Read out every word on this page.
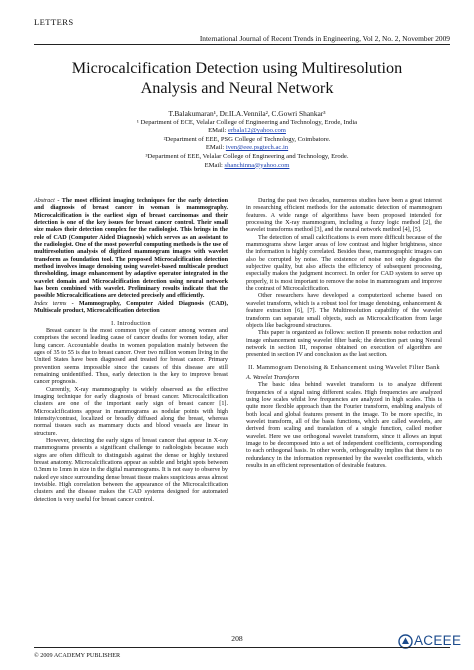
LETTERS
International Journal of Recent Trends in Engineering, Vol 2, No. 2, November 2009
Microcalcification Detection using Multiresolution
Analysis and Neural Network
T.Balakumaran¹, Dr.ILA.Vennila², C.Gowri Shankar³
¹ Department of ECE, Velalar College of Engineering and Technology, Erode, India
EMail: erbala12@yahoo.com
²Department of EEE, PSG College of Technology, Coimbatore.
EMail: iven@eee.psgtech.ac.in
³Department of EEE, Velalar College of Engineering and Technology, Erode.
EMail: shanchinna@yahoo.com

Abstract - The most efficient imaging techniques for the early detection and diagnosis of breast cancer in woman is mammography. Microcalcification is the earliest sign of breast carcinomas and their detection is one of the key issues for breast cancer control. Their small size makes their detection complex for the radiologist. This brings in the role of CAD (Computer Aided Diagnosis) which serves as an assistant to the radiologist. One of the most powerful computing methods is the use of multiresolution analysis of digitized mammogram images with wavelet transform as foundation tool. The proposed Microcalcification detection method involves image denoising using wavelet-based multiscale product thresholding, image enhancement by adaptive operator integrated in the wavelet domain and Microcalcification detection using neural network has been combined with wavelet. Preliminary results indicate that the possible Microcalcifications are detected precisely and efficiently.

Index terms - Mammography, Computer Aided Diagnosis (CAD), Multiscale product, Microcalcification detection

I. Introduction

Breast cancer is the most common type of cancer among women and comprises the second leading cause of cancer deaths for women today, after lung cancer. Accountable deaths in women population mainly between the ages of 35 to 55 is due to breast cancer. Over two million women living in the United States have been diagnosed and treated for breast cancer. Primary prevention seems impossible since the causes of this disease are still remaining unidentified. Thus, early detection is the key to improve breast cancer prognosis.

Currently, X-ray mammography is widely observed as the effective imaging technique for early diagnosis of breast cancer. Microcalcification clusters are one of the important early sign of breast cancer [1]. Microcalcifications appear in mammograms as nodular points with high intensity/contrast, localized or broadly diffused along the breast, whereas normal tissues such as mammary ducts and blood vessels are linear in structure.

However, detecting the early signs of breast cancer that appear in X-ray mammograms presents a significant challenge to radiologists because such signs are often difficult to distinguish against the dense or highly textured breast anatomy. Microcalcifications appear as subtle and bright spots between 0.3mm to 1mm in size in the digital mammograms. It is not easy to observe by naked eye since surrounding dense breast tissue makes suspicious areas almost invisible. High correlation between the appearance of the Microcalcification clusters and the disease makes the CAD systems designed for automated detection is very useful for breast cancer control.

During the past two decades, numerous studies have been a great interest in researching efficient methods for the automatic detection of mammogram features. A wide range of algorithms have been proposed intended for processing the X-ray mammogram, including a fuzzy logic method [2], the wavelet transforms method [3], and the neural network method [4], [5].

The detection of small calcifications is even more difficult because of the mammograms show larger areas of low contrast and higher brightness, since the information is highly correlated. Besides these, mammographic images can also be corrupted by noise. The existence of noise not only degrades the subjective quality, but also affects the efficiency of subsequent processing, especially makes the judgment incorrect. In order for CAD system to serve up properly, it is most important to remove the noise in mammogram and improve the contrast of Microcalcification.

Other researchers have developed a computerized scheme based on wavelet transform, which is a robust tool for image denoising, enhancement & feature extraction [6], [7]. The Multiresolution capability of the wavelet transform can separate small objects, such as Microcalcification from large objects like background structures.

This paper is organized as follows: section II presents noise reduction and image enhancement using wavelet filter bank; the detection part using Neural network in section III, response obtained on execution of algorithm are presented in section IV and conclusion as the last section.

II. Mammogram Denoising & Enhancement using Wavelet Filter Bank

A. Wavelet Transform

The basic idea behind wavelet transform is to analyze different frequencies of a signal using different scales. High frequencies are analyzed using low scales whilst low frequencies are analyzed in high scales. This is quite more flexible approach than the Fourier transform, enabling analysis of both local and global features present in the image. To be more specific, in wavelet transform, all of the basis functions, which are called wavelets, are derived from scaling and translation of a single function, called mother wavelet. Here we use orthogonal wavelet transform, since it allows an input image to be decomposed into a set of independent coefficients, corresponding to each orthogonal basis. In other words, orthogonality implies that there is no redundancy in the information represented by the wavelet coefficients, which results in an efficient representation of desirable features.

208	ACEEE
© 2009 ACADEMY PUBLISHER
